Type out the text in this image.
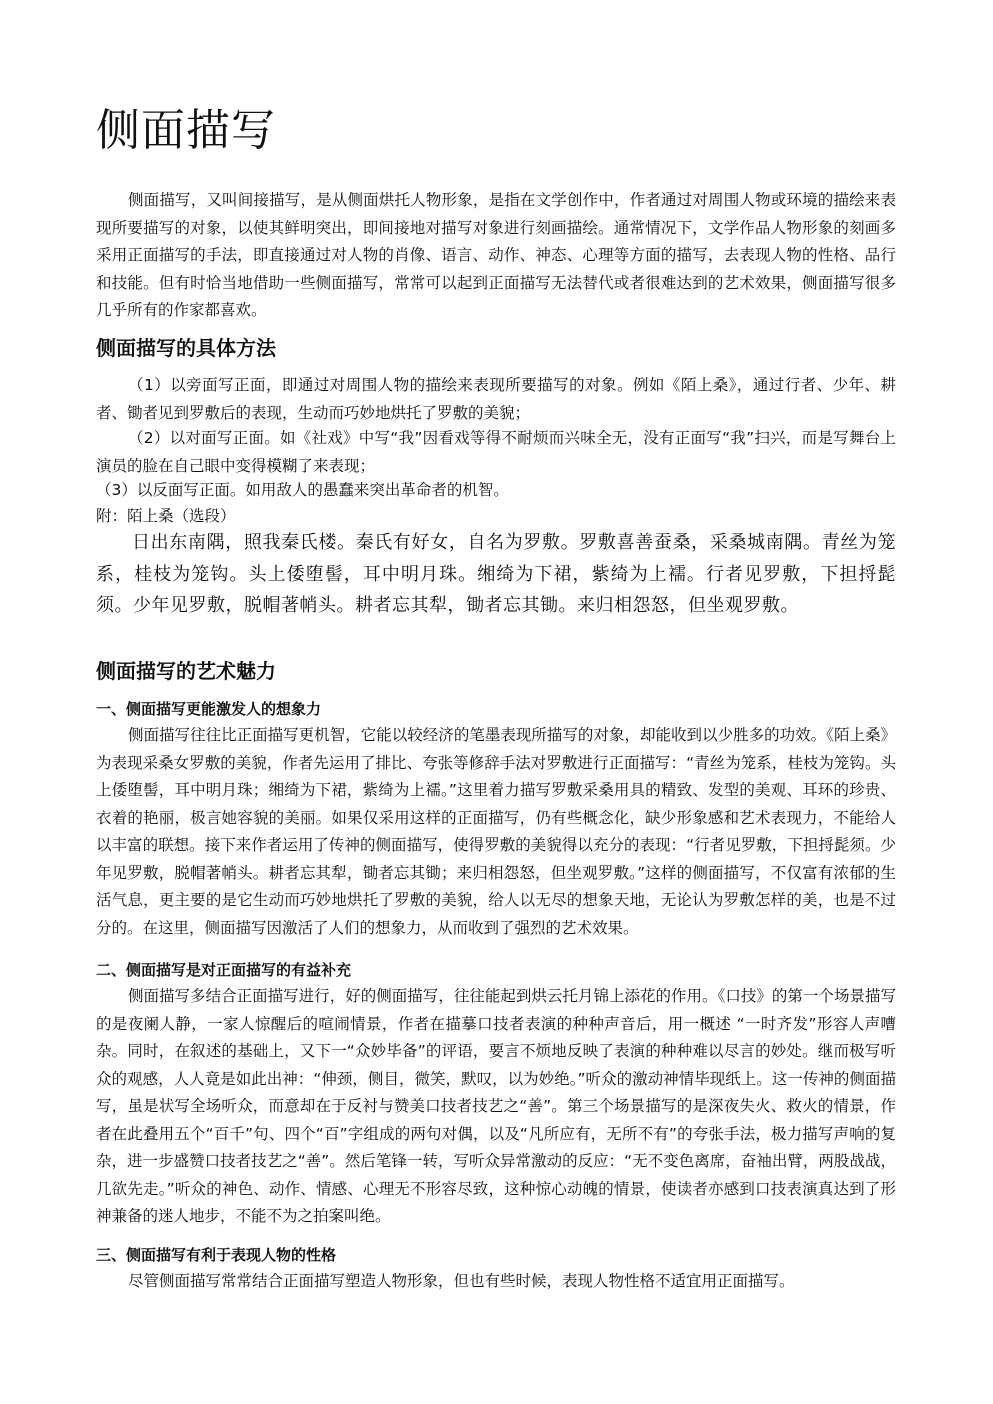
侧面描写

侧面描写，又叫间接描写，是从侧面烘托人物形象，是指在文学创作中，作者通过对周围人物或环境的描绘来表现所要描写的对象，以使其鲜明突出，即间接地对描写对象进行刻画描绘。通常情况下，文学作品人物形象的刻画多采用正面描写的手法，即直接通过对人物的肖像、语言、动作、神态、心理等方面的描写，去表现人物的性格、品行和技能。但有时恰当地借助一些侧面描写，常常可以起到正面描写无法替代或者很难达到的艺术效果，侧面描写很多几乎所有的作家都喜欢。

侧面描写的具体方法

（1）以旁面写正面，即通过对周围人物的描绘来表现所要描写的对象。例如《陌上桑》，通过行者、少年、耕者、锄者见到罗敷后的表现，生动而巧妙地烘托了罗敷的美貌；

（2）以对面写正面。如《社戏》中写“我”因看戏等得不耐烦而兴味全无，没有正面写“我”扫兴，而是写舞台上演员的脸在自己眼中变得模糊了来表现；

（3）以反面写正面。如用敌人的愚蠢来突出革命者的机智。

附：陌上桑（选段）

日出东南隅，照我秦氏楼。秦氏有好女，自名为罗敷。罗敷喜善蚕桑，采桑城南隅。青丝为笼系，桂枝为笼钩。头上倭堕髻，耳中明月珠。缃绮为下裙，紫绮为上襦。行者见罗敷，下担捋髭须。少年见罗敷，脱帽著帩头。耕者忘其犁，锄者忘其锄。来归相怨怒，但坐观罗敷。

侧面描写的艺术魅力

一、侧面描写更能激发人的想象力

侧面描写往往比正面描写更机智，它能以较经济的笔墨表现所描写的对象，却能收到以少胜多的功效。《陌上桑》为表现采桑女罗敷的美貌，作者先运用了排比、夸张等修辞手法对罗敷进行正面描写：“青丝为笼系，桂枝为笼钩。头上倭堕髻，耳中明月珠；缃绮为下裙，紫绮为上襦。”这里着力描写罗敷采桑用具的精致、发型的美观、耳环的珍贵、衣着的艳丽，极言她容貌的美丽。如果仅采用这样的正面描写，仍有些概念化，缺少形象感和艺术表现力，不能给人以丰富的联想。接下来作者运用了传神的侧面描写，使得罗敷的美貌得以充分的表现：“行者见罗敷，下担捋髭须。少年见罗敷，脱帽著帩头。耕者忘其犁，锄者忘其锄；来归相怨怒，但坐观罗敷。”这样的侧面描写，不仅富有浓郁的生活气息，更主要的是它生动而巧妙地烘托了罗敷的美貌，给人以无尽的想象天地，无论认为罗敷怎样的美，也是不过分的。在这里，侧面描写因激活了人们的想象力，从而收到了强烈的艺术效果。

二、侧面描写是对正面描写的有益补充

侧面描写多结合正面描写进行，好的侧面描写，往往能起到烘云托月锦上添花的作用。《口技》的第一个场景描写的是夜阑人静，一家人惊醒后的喧闹情景，作者在描摹口技者表演的种种声音后，用一概述 “一时齐发”形容人声嘈杂。同时，在叙述的基础上，又下一“众妙毕备”的评语，要言不烦地反映了表演的种种难以尽言的妙处。继而极写听众的观感，人人竟是如此出神：“伸颈，侧目，微笑，默叹，以为妙绝。”听众的激动神情毕现纸上。这一传神的侧面描写，虽是状写全场听众，而意却在于反衬与赞美口技者技艺之“善”。第三个场景描写的是深夜失火、救火的情景，作者在此叠用五个“百千”句、四个“百”字组成的两句对偶，以及“凡所应有，无所不有”的夸张手法，极力描写声响的复杂，进一步盛赞口技者技艺之“善”。然后笔锋一转，写听众异常激动的反应：“无不变色离席，奋袖出臂，两股战战，几欲先走。”听众的神色、动作、情感、心理无不形容尽致，这种惊心动魄的情景，使读者亦感到口技表演真达到了形神兼备的迷人地步，不能不为之拍案叫绝。

三、侧面描写有利于表现人物的性格

尽管侧面描写常常结合正面描写塑造人物形象，但也有些时候，表现人物性格不适宜用正面描写。
